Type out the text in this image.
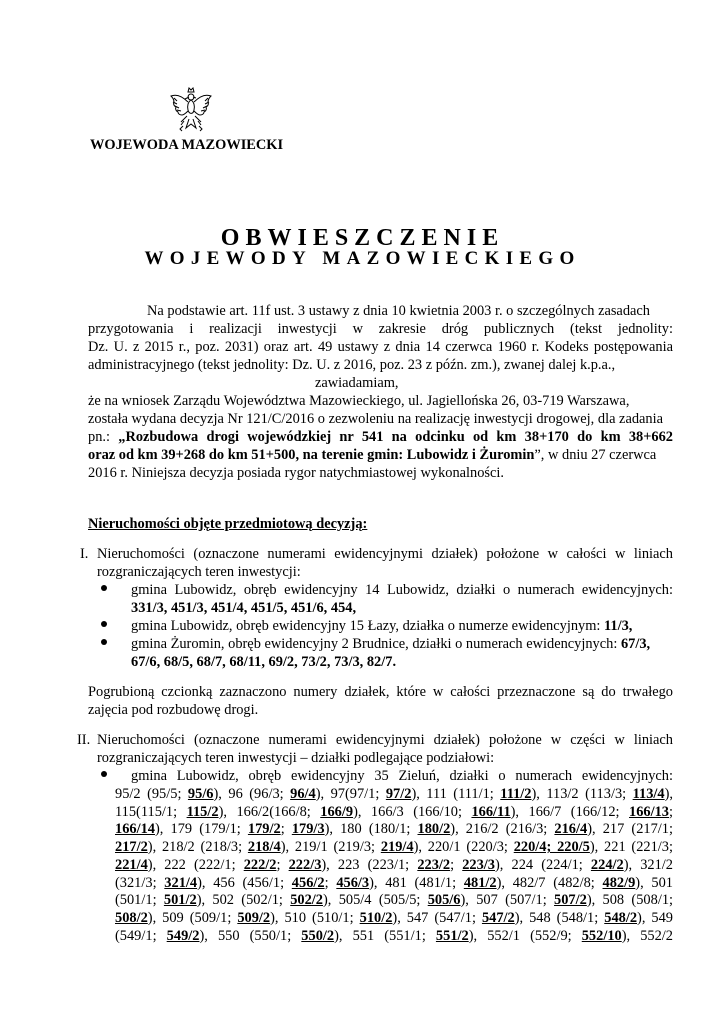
WOJEWODA MAZOWIECKI
OBWIESZCZENIE
WOJEWODY MAZOWIECKIEGO
Na podstawie art. 11f ust. 3 ustawy z dnia 10 kwietnia 2003 r. o szczególnych zasadach
przygotowania i realizacji inwestycji w zakresie dróg publicznych (tekst jednolity:
Dz. U. z 2015 r., poz. 2031) oraz art. 49 ustawy z dnia 14 czerwca 1960 r. Kodeks postępowania
administracyjnego (tekst jednolity: Dz. U. z 2016, poz. 23 z późn. zm.), zwanej dalej k.p.a.,
zawiadamiam,
że na wniosek Zarządu Województwa Mazowieckiego, ul. Jagiellońska 26, 03-719 Warszawa,
została wydana decyzja Nr 121/C/2016 o zezwoleniu na realizację inwestycji drogowej, dla zadania
pn.: „Rozbudowa drogi wojewódzkiej nr 541 na odcinku od km 38+170 do km 38+662
oraz od km 39+268 do km 51+500, na terenie gmin: Lubowidz i Żuromin”, w dniu 27 czerwca
2016 r. Niniejsza decyzja posiada rygor natychmiastowej wykonalności.
Nieruchomości objęte przedmiotową decyzją:
I. Nieruchomości (oznaczone numerami ewidencyjnymi działek) położone w całości w liniach
rozgraniczających teren inwestycji:
gmina Lubowidz, obręb ewidencyjny 14 Lubowidz, działki o numerach ewidencyjnych:
331/3, 451/3, 451/4, 451/5, 451/6, 454,
gmina Lubowidz, obręb ewidencyjny 15 Łazy, działka o numerze ewidencyjnym: 11/3,
gmina Żuromin, obręb ewidencyjny 2 Brudnice, działki o numerach ewidencyjnych: 67/3,
67/6, 68/5, 68/7, 68/11, 69/2, 73/2, 73/3, 82/7.
Pogrubioną czcionką zaznaczono numery działek, które w całości przeznaczone są do trwałego
zajęcia pod rozbudowę drogi.
II. Nieruchomości (oznaczone numerami ewidencyjnymi działek) położone w części w liniach
rozgraniczających teren inwestycji – działki podlegające podziałowi:
gmina Lubowidz, obręb ewidencyjny 35 Zieluń, działki o numerach ewidencyjnych:
95/2 (95/5; 95/6), 96 (96/3; 96/4), 97(97/1; 97/2), 111 (111/1; 111/2), 113/2 (113/3; 113/4),
115(115/1; 115/2), 166/2(166/8; 166/9), 166/3 (166/10; 166/11), 166/7 (166/12; 166/13;
166/14), 179 (179/1; 179/2; 179/3), 180 (180/1; 180/2), 216/2 (216/3; 216/4), 217 (217/1;
217/2), 218/2 (218/3; 218/4), 219/1 (219/3; 219/4), 220/1 (220/3; 220/4; 220/5), 221 (221/3;
221/4), 222 (222/1; 222/2; 222/3), 223 (223/1; 223/2; 223/3), 224 (224/1; 224/2), 321/2
(321/3; 321/4), 456 (456/1; 456/2; 456/3), 481 (481/1; 481/2), 482/7 (482/8; 482/9), 501
(501/1; 501/2), 502 (502/1; 502/2), 505/4 (505/5; 505/6), 507 (507/1; 507/2), 508 (508/1;
508/2), 509 (509/1; 509/2), 510 (510/1; 510/2), 547 (547/1; 547/2), 548 (548/1; 548/2), 549
(549/1; 549/2), 550 (550/1; 550/2), 551 (551/1; 551/2), 552/1 (552/9; 552/10), 552/2
